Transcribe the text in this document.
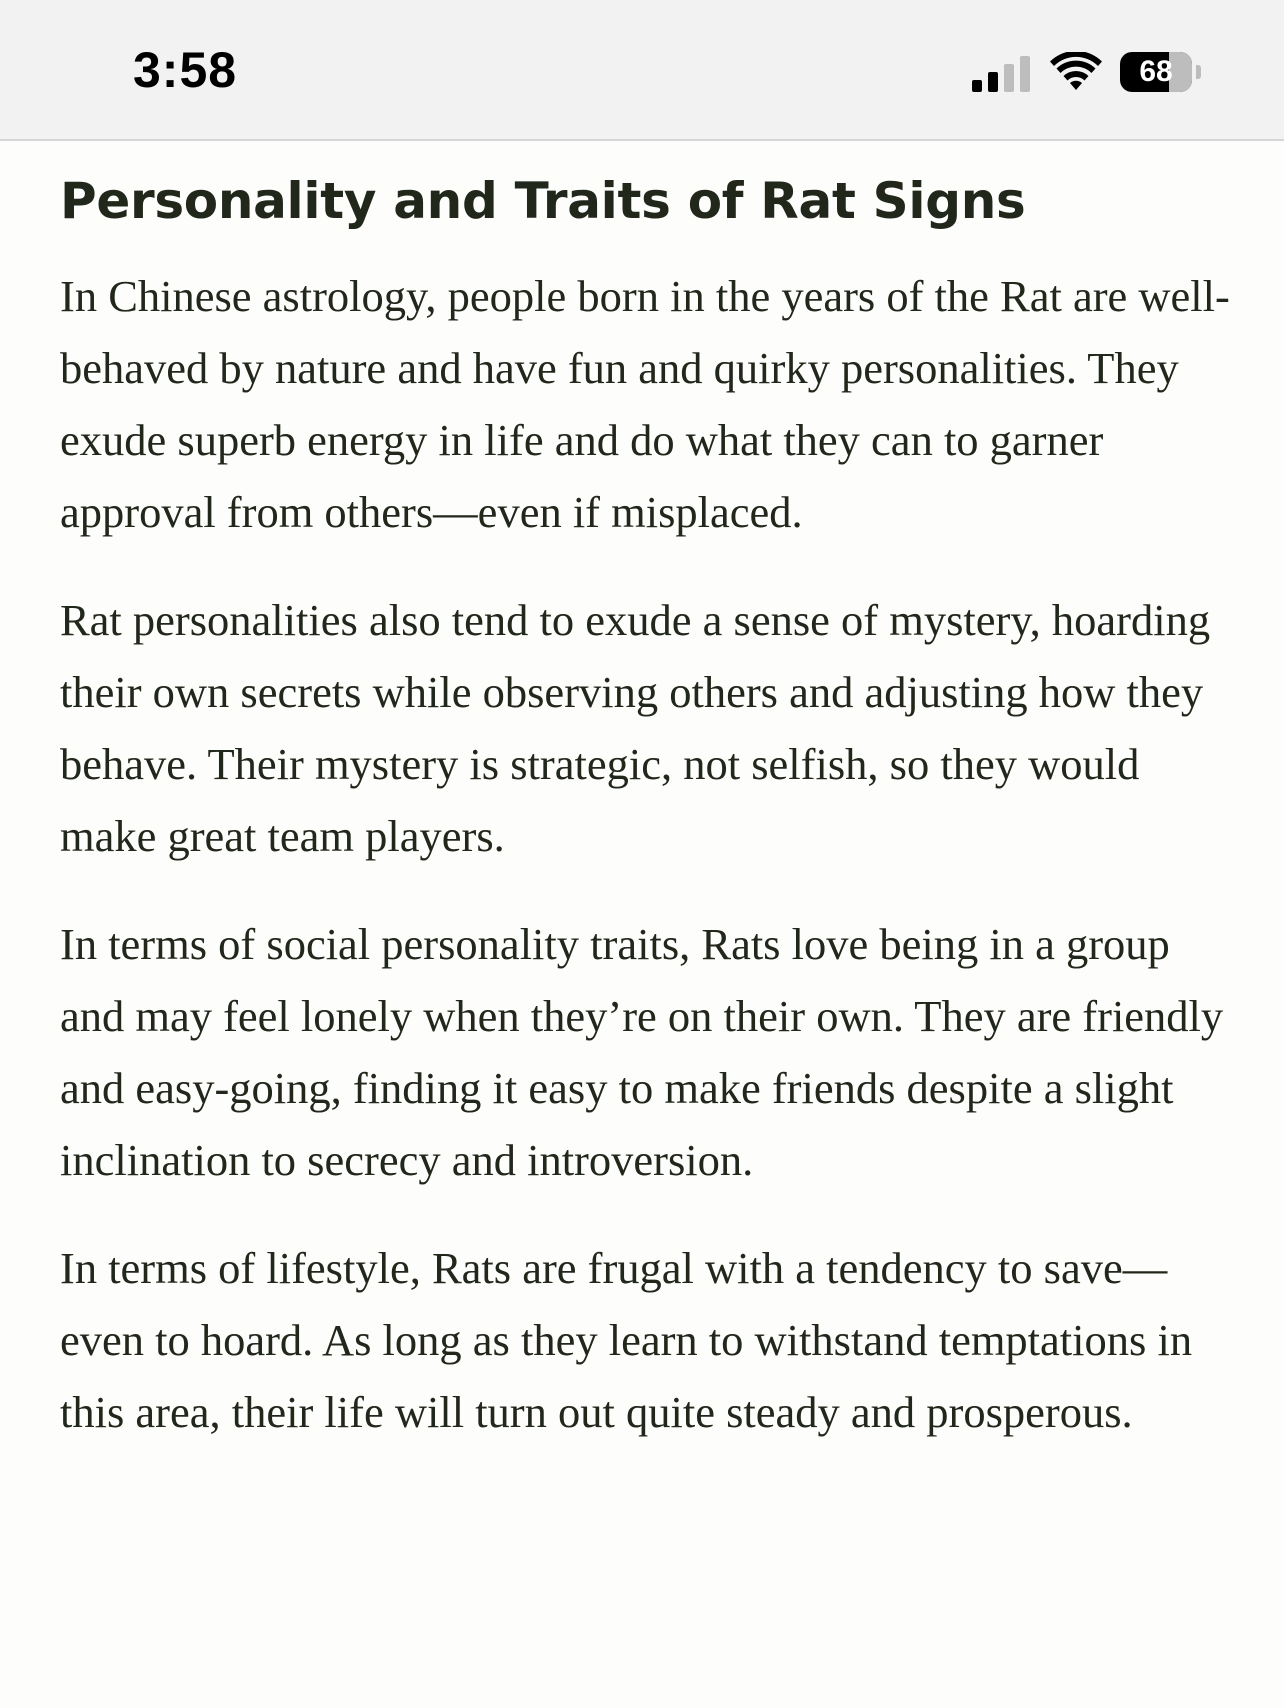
3:58	68
Personality and Traits of Rat Signs

In Chinese astrology, people born in the years of the Rat are well-behaved by nature and have fun and quirky personalities. They exude superb energy in life and do what they can to garner approval from others—even if misplaced.

Rat personalities also tend to exude a sense of mystery, hoarding their own secrets while observing others and adjusting how they behave. Their mystery is strategic, not selfish, so they would make great team players.

In terms of social personality traits, Rats love being in a group and may feel lonely when they’re on their own. They are friendly and easy-going, finding it easy to make friends despite a slight inclination to secrecy and introversion.

In terms of lifestyle, Rats are frugal with a tendency to save—even to hoard. As long as they learn to withstand temptations in this area, their life will turn out quite steady and prosperous.
